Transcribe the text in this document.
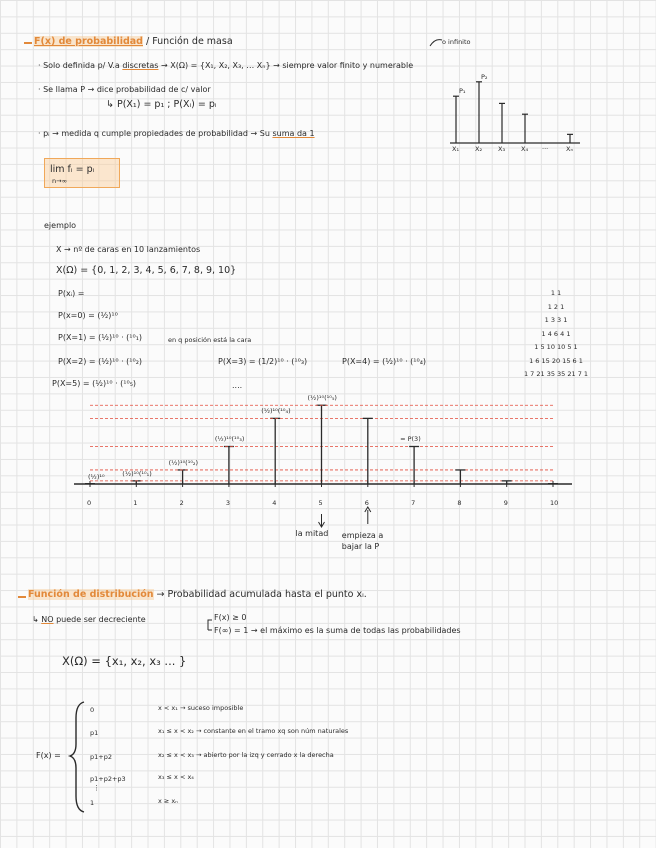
F(x) de probabilidad / Función de masa	o infinito
· Solo definida p/ V.a discretas → X(Ω) = {X₁, X₂, X₃, … Xₙ} → siempre valor finito y numerable
· Se llama P → dice probabilidad de c/ valor
↳ P(X₁) = p₁ ; P(Xᵢ) = pᵢ
· pᵢ → medida q cumple propiedades de probabilidad → Su suma da 1
lim fᵢ = pᵢ
n→∞
P₁
P₂
X₁ X₂ X₃ X₄ ...	Xₙ
ejemplo
X → nº de caras en 10 lanzamientos
X(Ω) = {0, 1, 2, 3, 4, 5, 6, 7, 8, 9, 10}
P(xᵢ) =
P(x=0) = (½)¹⁰
P(X=1) = (½)¹⁰ · (¹⁰₁)	en q posición está la cara
P(X=2) = (½)¹⁰ · (¹⁰₂)	P(X=3) = (1/2)¹⁰ · (¹⁰₃)	P(X=4) = (½)¹⁰ · (¹⁰₄)
P(X=5) = (½)¹⁰ · (¹⁰₅)	....
1 1
1 2 1
1 3 3 1
1 4 6 4 1
1 5 10 10 5 1
1 6 15 20 15 6 1
1 7 21 35 35 21 7 1
0
(½)¹⁰
1
(½)¹⁰(¹⁰₁)
2
(½)¹⁰(¹⁰₂)
3
(½)¹⁰(¹⁰₃)
4
(½)¹⁰(¹⁰₄)
5
(½)¹⁰(¹⁰₅)
6	7
= P(3)
8	9	10
la mitad empieza a bajar la P
Función de distribución → Probabilidad acumulada hasta el punto xᵢ.
↳ NO puede ser decreciente	F(x) ≥ 0
F(∞) = 1 → el máximo es la suma de todas las probabilidades
X(Ω) = {x₁, x₂, x₃ ... }
F(x) =
⋮
0	x < x₁ → suceso imposible
p1	x₁ ≤ x < x₂ → constante en el tramo xq son núm naturales
p1+p2	x₂ ≤ x < x₃ → abierto por la izq y cerrado x la derecha
p1+p2+p3	x₃ ≤ x < x₄
1	x ≥ xₙ
